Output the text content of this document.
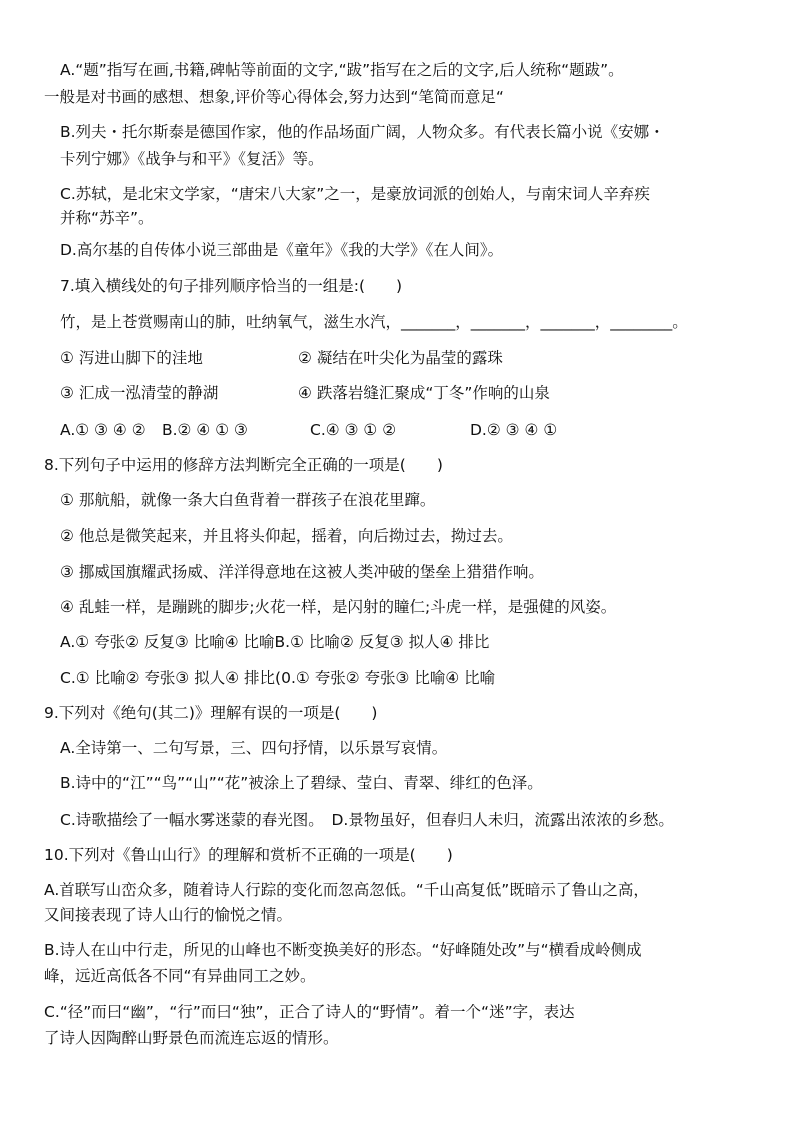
A.“题”指写在画,书籍,碑帖等前面的文字,“跋”指写在之后的文字,后人统称“题跋”。
一般是对书画的感想、想象,评价等心得体会,努力达到“笔简而意足“
B.列夫・托尔斯泰是德国作家，他的作品场面广阔，人物众多。有代表长篇小说《安娜・
卡列宁娜》《战争与和平》《复活》等。
C.苏轼，是北宋文学家，“唐宋八大家”之一，是豪放词派的创始人，与南宋词人辛弃疾
并称“苏辛”。
D.高尔基的自传体小说三部曲是《童年》《我的大学》《在人间》。
7.填入横线处的句子排列顺序恰当的一组是:(　　)
竹，是上苍赏赐南山的肺，吐纳氧气，滋生水汽，_______，_______，_______，________。
① 泻进山脚下的洼地	② 凝结在叶尖化为晶莹的露珠
③ 汇成一泓清莹的静湖	④ 跌落岩缝汇聚成“丁冬”作响的山泉
A.① ③ ④ ② B.② ④ ① ③	C.④ ③ ① ②	D.② ③ ④ ①
8.下列句子中运用的修辞方法判断完全正确的一项是(　　)
① 那航船，就像一条大白鱼背着一群孩子在浪花里蹿。
② 他总是微笑起来，并且将头仰起，摇着，向后拗过去，拗过去。
③ 挪威国旗耀武扬威、洋洋得意地在这被人类冲破的堡垒上猎猎作响。
④ 乱蛙一样，是蹦跳的脚步;火花一样，是闪射的瞳仁;斗虎一样，是强健的风姿。
A.① 夸张② 反复③ 比喻④ 比喻B.① 比喻② 反复③ 拟人④ 排比
C.① 比喻② 夸张③ 拟人④ 排比(0.① 夸张② 夸张③ 比喻④ 比喻
9.下列对《绝句(其二)》理解有误的一项是(　　)
A.全诗第一、二句写景，三、四句抒情，以乐景写哀情。
B.诗中的“江”“鸟”“山”“花”被涂上了碧绿、莹白、青翠、绯红的色泽。
C.诗歌描绘了一幅水雾迷蒙的春光图。　D.景物虽好，但春归人未归，流露出浓浓的乡愁。
10.下列对《鲁山山行》的理解和赏析不正确的一项是(　　)
A.首联写山峦众多，随着诗人行踪的变化而忽高忽低。“千山高复低”既暗示了鲁山之高，
又间接表现了诗人山行的愉悦之情。
B.诗人在山中行走，所见的山峰也不断变换美好的形态。“好峰随处改”与“横看成岭侧成
峰，远近高低各不同“有异曲同工之妙。
C.“径”而曰“幽”，“行”而曰“独”，正合了诗人的“野情”。着一个“迷”字，表达
了诗人因陶醉山野景色而流连忘返的情形。
